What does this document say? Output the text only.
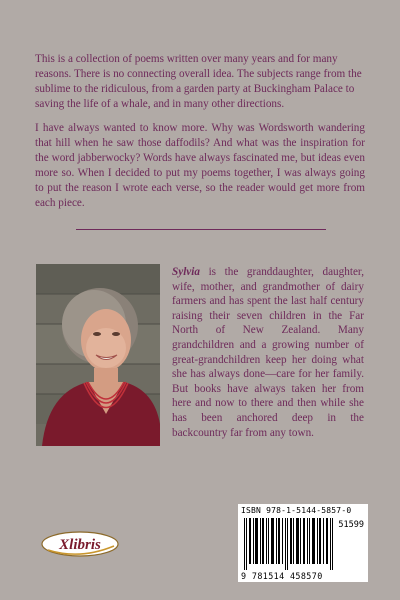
This is a collection of poems written over many years and for many reasons. There is no connecting overall idea. The subjects range from the sublime to the ridiculous, from a garden party at Buckingham Palace to saving the life of a whale, and in many other directions.

I have always wanted to know more. Why was Wordsworth wandering that hill when he saw those daffodils? And what was the inspiration for the word jabberwocky? Words have always fascinated me, but ideas even more so. When I decided to put my poems together, I was always going to put the reason I wrote each verse, so the reader would get more from each piece.

Sylvia is the granddaughter, daughter, wife, mother, and grandmother of dairy farmers and has spent the last half century raising their seven children in the Far North of New Zealand. Many grandchildren and a growing number of great-grandchildren keep her doing what she has always done—care for her family. But books have always taken her from here and now to there and then while she has been anchored deep in the backcountry far from any town.

Xlibris
ISBN 978-1-5144-5857-0
51599
9 781514 458570
